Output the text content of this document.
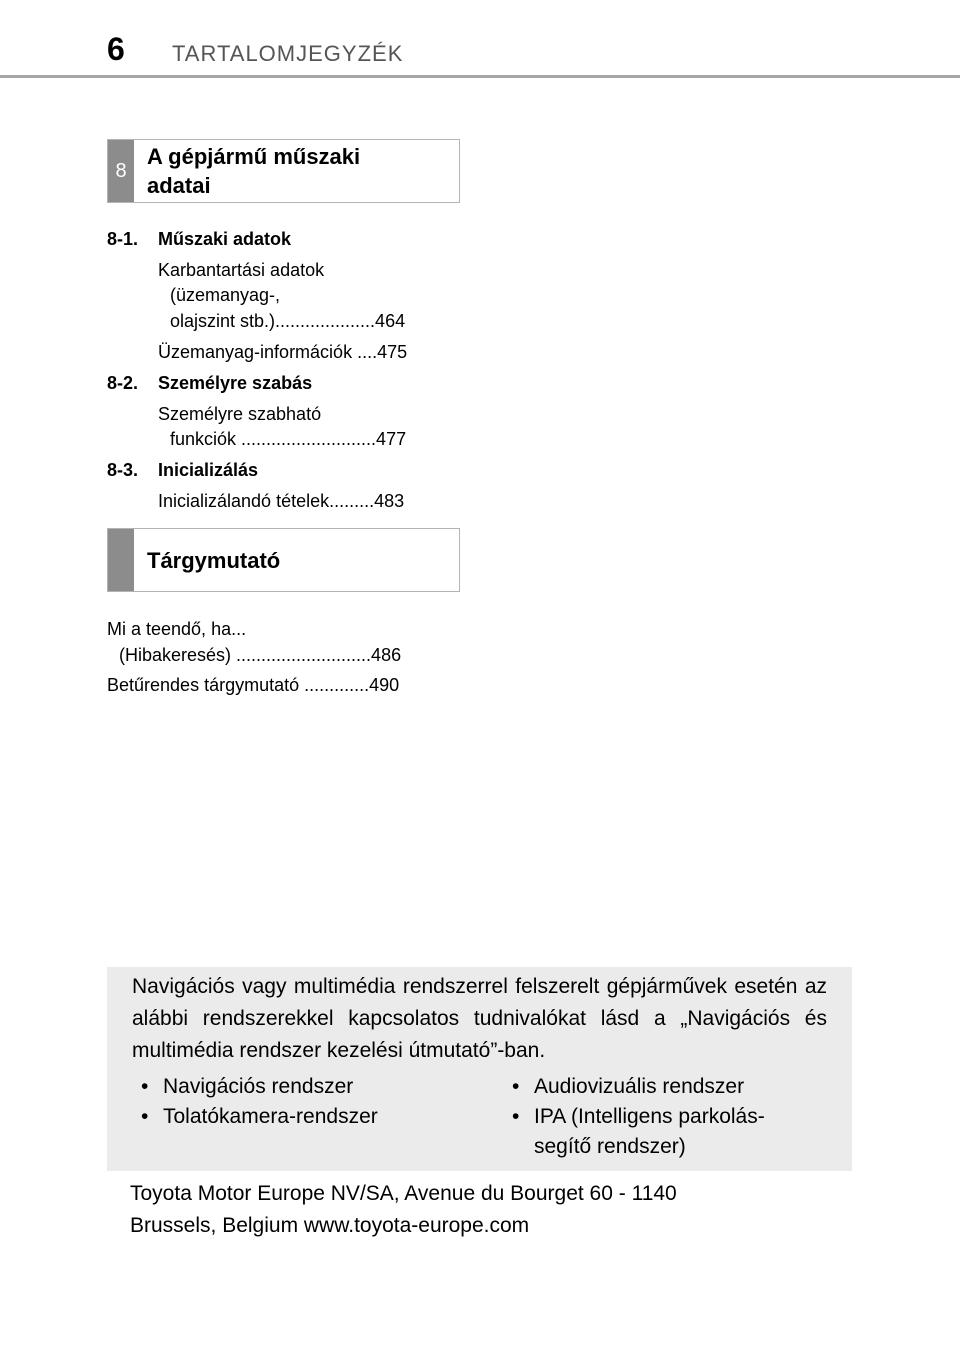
6 TARTALOMJEGYZÉK
8
A gépjármű műszaki
adatai
8-1. Műszaki adatok
Karbantartási adatok
(üzemanyag-,
olajszint stb.)....................464
Üzemanyag-információk ....475
8-2. Személyre szabás
Személyre szabható
funkciók ...........................477
8-3. Inicializálás
Inicializálandó tételek.........483
Tárgymutató
Mi a teendő, ha...
(Hibakeresés) ...........................486
Betűrendes tárgymutató .............490

Navigációs vagy multimédia rendszerrel felszerelt gépjárművek esetén az alábbi rendszerekkel kapcsolatos tudnivalókat lásd a „Navigációs és multimédia rendszer kezelési útmutató”-ban.

• Navigációs rendszer
• Tolatókamera-rendszer
• Audiovizuális rendszer
• IPA (Intelligens parkolás-
segítő rendszer)
Toyota Motor Europe NV/SA, Avenue du Bourget 60 - 1140
Brussels, Belgium www.toyota-europe.com
